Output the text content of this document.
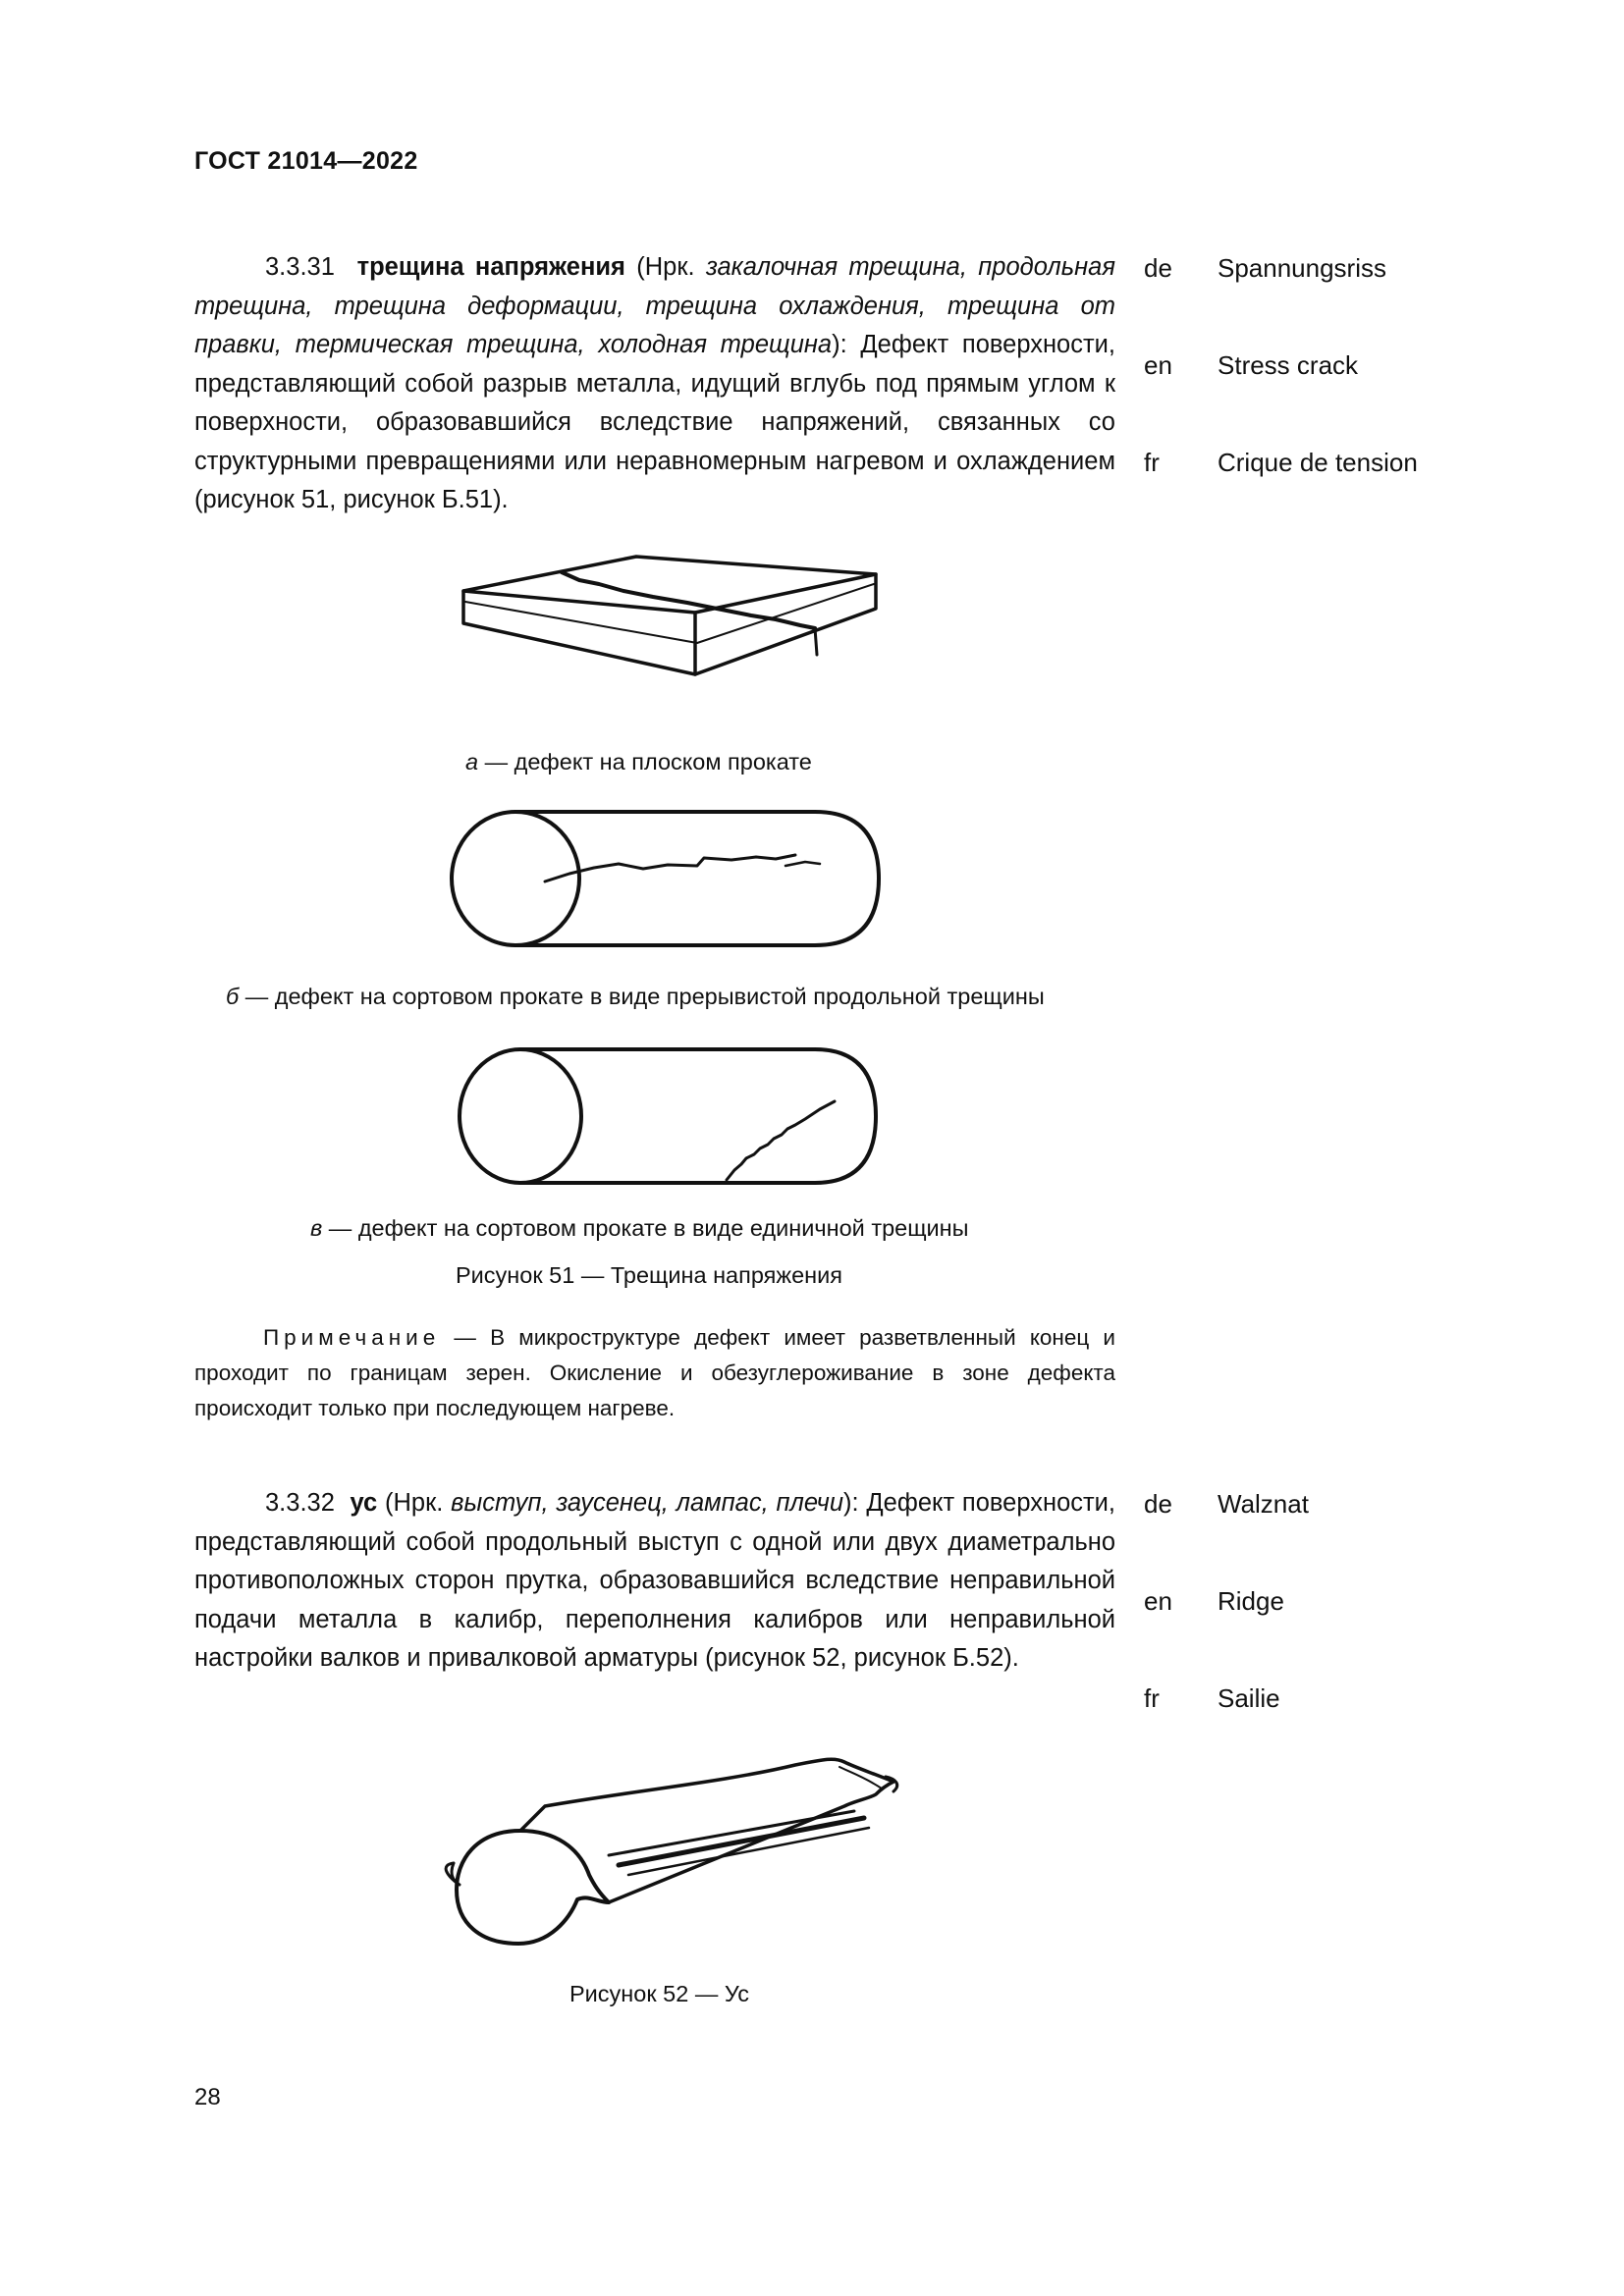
ГОСТ 21014—2022
3.3.31 трещина напряжения (Нрк. закалочная трещина, продольная трещина, трещина деформации, трещина охлаждения, трещина от правки, термическая трещина, холодная трещина): Дефект поверхности, представляющий собой разрыв металла, идущий вглубь под прямым углом к поверхности, образовавшийся вследствие напряжений, связанных со структурными превращениями или неравномерным нагревом и охлаждением (рисунок 51, рисунок Б.51).
de Spannungsriss
en Stress crack
fr Crique de tension
а — дефект на плоском прокате
б — дефект на сортовом прокате в виде прерывистой продольной трещины
в — дефект на сортовом прокате в виде единичной трещины
Рисунок 51 — Трещина напряжения
Примечание — В микроструктуре дефект имеет разветвленный конец и проходит по границам зерен. Окисление и обезуглероживание в зоне дефекта происходит только при последующем нагреве.
3.3.32 ус (Нрк. выступ, заусенец, лампас, плечи): Дефект поверхности, представляющий собой продольный выступ с одной или двух диаметрально противоположных сторон прутка, образовавшийся вследствие неправильной подачи металла в калибр, переполнения калибров или неправильной настройки валков и привалковой арматуры (рисунок 52, рисунок Б.52).
de Walznat
en Ridge
fr Sailie
Рисунок 52 — Ус
28
